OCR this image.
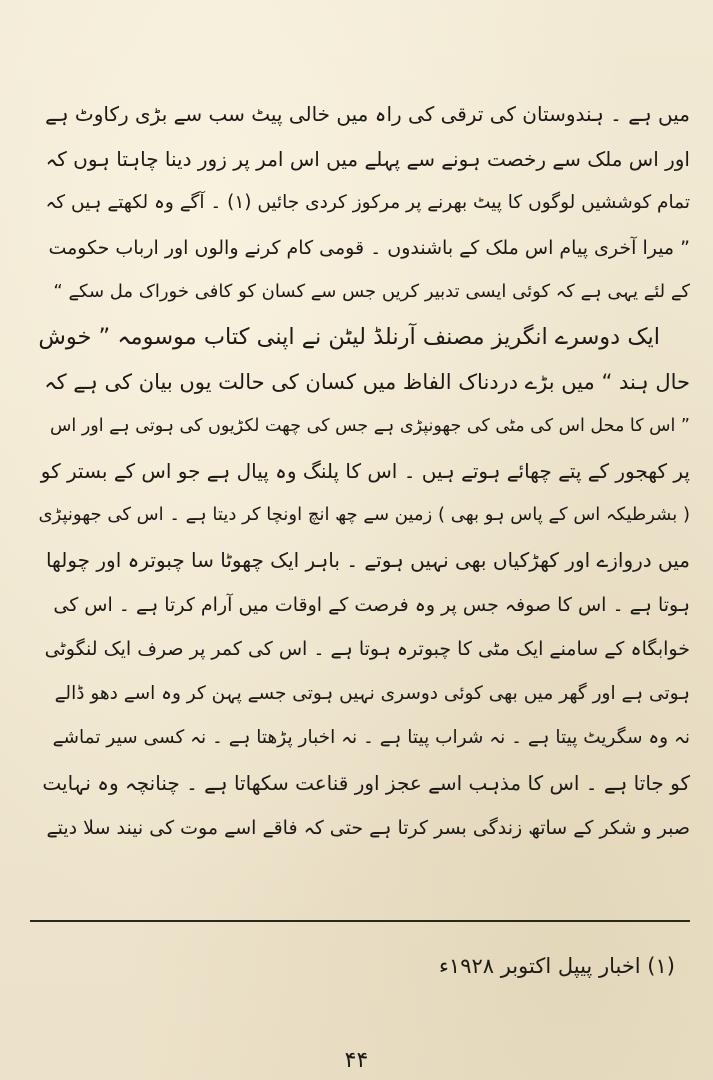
میں ہے ۔ ہندوستان کی ترقی کی راہ میں خالی پیٹ سب سے بڑی رکاوٹ ہے
اور اس ملک سے رخصت ہونے سے پہلے میں اس امر پر زور دینا چاہتا ہوں کہ
تمام کوششیں لوگوں کا پیٹ بھرنے پر مرکوز کردی جائیں (۱) ۔ آگے وہ لکھتے ہیں کہ
” میرا آخری پیام اس ملک کے باشندوں ۔ قومی کام کرنے والوں اور ارباب حکومت
کے لئے یہی ہے کہ کوئی ایسی تدبیر کریں جس سے کسان کو کافی خوراک مل سکے “
ایک دوسرے انگریز مصنف آرنلڈ لیٹن نے اپنی کتاب موسومہ ” خوش
حال ہند “ میں بڑے دردناک الفاظ میں کسان کی حالت یوں بیان کی ہے کہ
” اس کا محل اس کی مٹی کی جھونپڑی ہے جس کی چھت لکڑیوں کی ہوتی ہے اور اس
پر کھجور کے پتے چھائے ہوتے ہیں ۔ اس کا پلنگ وہ پیال ہے جو اس کے بستر کو
( بشرطیکہ اس کے پاس ہو بھی ) زمین سے چھ انچ اونچا کر دیتا ہے ۔ اس کی جھونپڑی
میں دروازے اور کھڑکیاں بھی نہیں ہوتے ۔ باہر ایک چھوٹا سا چبوترہ اور چولھا
ہوتا ہے ۔ اس کا صوفہ جس پر وہ فرصت کے اوقات میں آرام کرتا ہے ۔ اس کی
خوابگاہ کے سامنے ایک مٹی کا چبوترہ ہوتا ہے ۔ اس کی کمر پر صرف ایک لنگوٹی
ہوتی ہے اور گھر میں بھی کوئی دوسری نہیں ہوتی جسے پہن کر وہ اسے دھو ڈالے
نہ وہ سگریٹ پیتا ہے ۔ نہ شراب پیتا ہے ۔ نہ اخبار پڑھتا ہے ۔ نہ کسی سیر تماشے
کو جاتا ہے ۔ اس کا مذہب اسے عجز اور قناعت سکھاتا ہے ۔ چنانچہ وہ نہایت
صبر و شکر کے ساتھ زندگی بسر کرتا ہے حتی کہ فاقے اسے موت کی نیند سلا دیتے
(۱) اخبار پیپل اکتوبر ۱۹۲۸ء
۴۴
